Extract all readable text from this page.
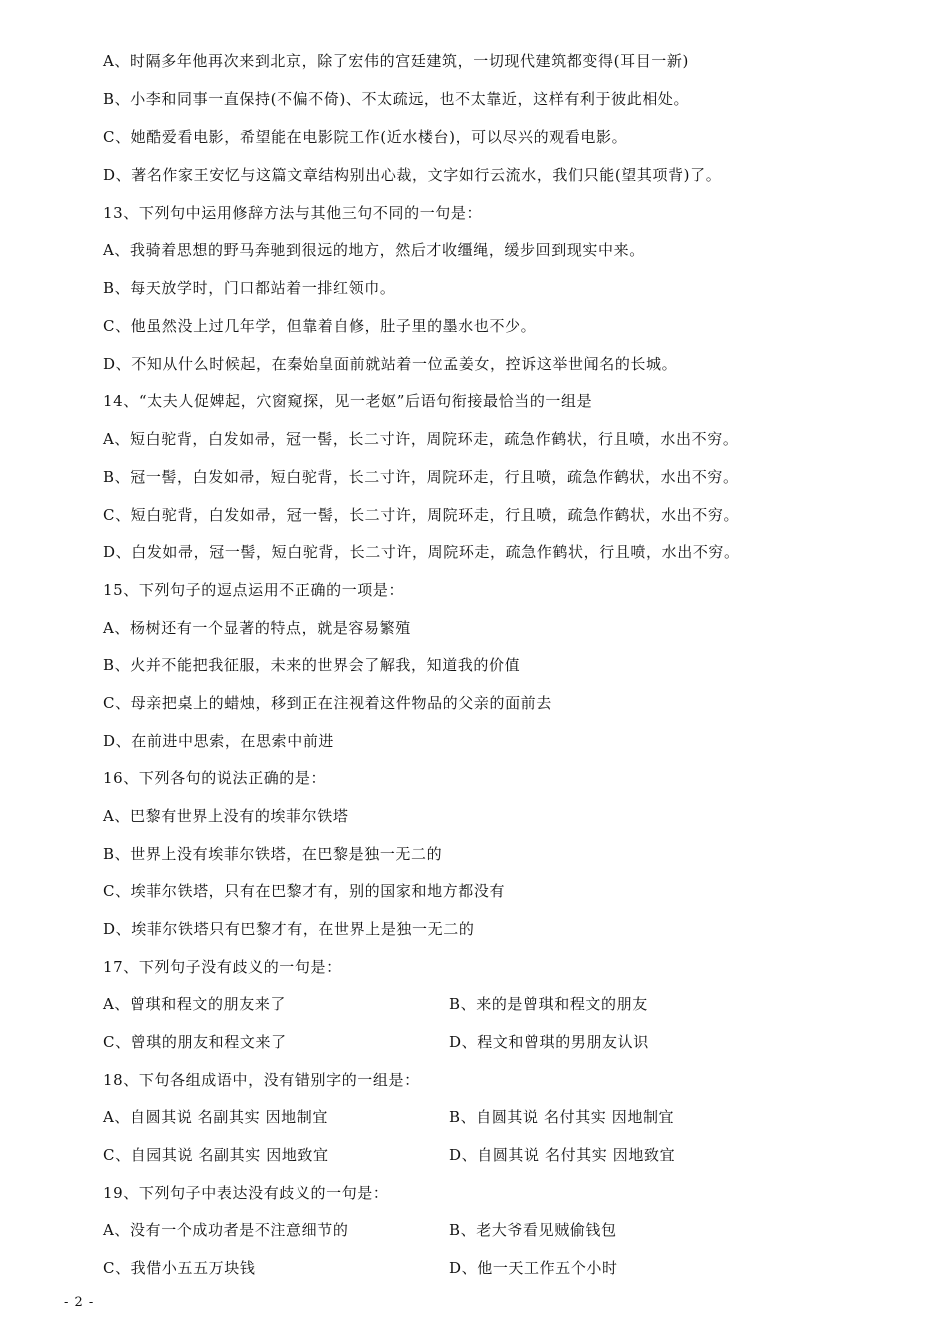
A、时隔多年他再次来到北京，除了宏伟的宫廷建筑，一切现代建筑都变得(耳目一新)
B、小李和同事一直保持(不偏不倚)、不太疏远，也不太靠近，这样有利于彼此相处。
C、她酷爱看电影，希望能在电影院工作(近水楼台)，可以尽兴的观看电影。
D、著名作家王安忆与这篇文章结构别出心裁，文字如行云流水，我们只能(望其项背)了。
13、下列句中运用修辞方法与其他三句不同的一句是：
A、我骑着思想的野马奔驰到很远的地方，然后才收缰绳，缓步回到现实中来。
B、每天放学时，门口都站着一排红领巾。
C、他虽然没上过几年学，但靠着自修，肚子里的墨水也不少。
D、不知从什么时候起，在秦始皇面前就站着一位孟姜女，控诉这举世闻名的长城。
14、“太夫人促婢起，穴窗窥探，见一老妪”后语句衔接最恰当的一组是
A、短白驼背，白发如帚，冠一髻，长二寸许，周院环走，疏急作鹤状，行且喷，水出不穷。
B、冠一髻，白发如帚，短白驼背，长二寸许，周院环走，行且喷，疏急作鹤状，水出不穷。
C、短白驼背，白发如帚，冠一髻，长二寸许，周院环走，行且喷，疏急作鹤状，水出不穷。
D、白发如帚，冠一髻，短白驼背，长二寸许，周院环走，疏急作鹤状，行且喷，水出不穷。
15、下列句子的逗点运用不正确的一项是：
A、杨树还有一个显著的特点，就是容易繁殖
B、火并不能把我征服，未来的世界会了解我，知道我的价值
C、母亲把桌上的蜡烛，移到正在注视着这件物品的父亲的面前去
D、在前进中思索，在思索中前进
16、下列各句的说法正确的是：
A、巴黎有世界上没有的埃菲尔铁塔
B、世界上没有埃菲尔铁塔，在巴黎是独一无二的
C、埃菲尔铁塔，只有在巴黎才有，别的国家和地方都没有
D、埃菲尔铁塔只有巴黎才有，在世界上是独一无二的
17、下列句子没有歧义的一句是：
A、曾琪和程文的朋友来了	B、来的是曾琪和程文的朋友
C、曾琪的朋友和程文来了	D、程文和曾琪的男朋友认识
18、下句各组成语中，没有错别字的一组是：
A、自圆其说 名副其实 因地制宜	B、自圆其说 名付其实 因地制宜
C、自园其说 名副其实 因地致宜	D、自圆其说 名付其实 因地致宜
19、下列句子中表达没有歧义的一句是：
A、没有一个成功者是不注意细节的	B、老大爷看见贼偷钱包
C、我借小五五万块钱	D、他一天工作五个小时
- 2 -
